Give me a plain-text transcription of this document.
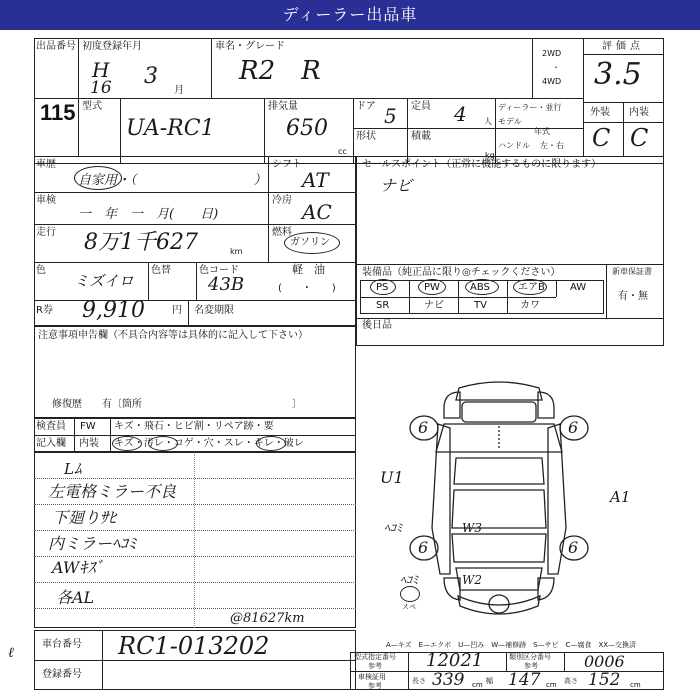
ディーラー出品車
出品番号
115
初度登録年月
H
16 3
月
車名・グレード
R2　R
2WD
・
4WD
評価点
3.5
型式
UA-RC1
排気量
650
cc
ドア 5 定員 4 人
形状	積載
kg
ディーラー・並行
モデル
年式
ハンドル 左・右
外装 内装
C C
車歴
自家用・（　　　　　　　　　）
シフト
AT
車検
一　年　一　月(　　日)
冷房 AC
走行 8万1千627	km
燃料
ガソリン
軽　油
(　　・　　)
色
ミズイロ
色替	色コード
43B
R券 9,910	円 名変期限
セールスポイント（正常に機能するものに限ります）
ナビ
装備品（純正品に限り◎チェックください）	新車保証書
有・無
PS	PW	ABS	エアB	AW
SR	ナビ	TV	カワ
後日品
注意事項申告欄（不具合内容等は具体的に記入して下さい）
修復歴　　有〔箇所　　　　　　　　　　　　　　　〕
検査員
記入欄
FW
内装
キズ・飛石・ヒビ割・リペア跡・要
キズ・汚レ・コゲ・穴・スレ・キレ・破レ
Lﾑ
左電格ミラー不良
下廻りｻﾋ
内ミラーﾍｺﾐ
AWｷｽﾞ
各AL
@81627km
6	6
6	6
U1
A1
ﾍｺﾐ	W3
ﾍｺﾐ	W2
スペ
A—キズ　E—エクボ　U—凹み　W—補修跡　S—サビ　C—腐食　XX—交換済
車台番号 RC1-013202
登録番号
型式指定番号
参考 12021	類別区分番号
参考	0006
車検証用
参考
長さ 339 cm 幅 147 cm 高さ 152 cm
ℓ
